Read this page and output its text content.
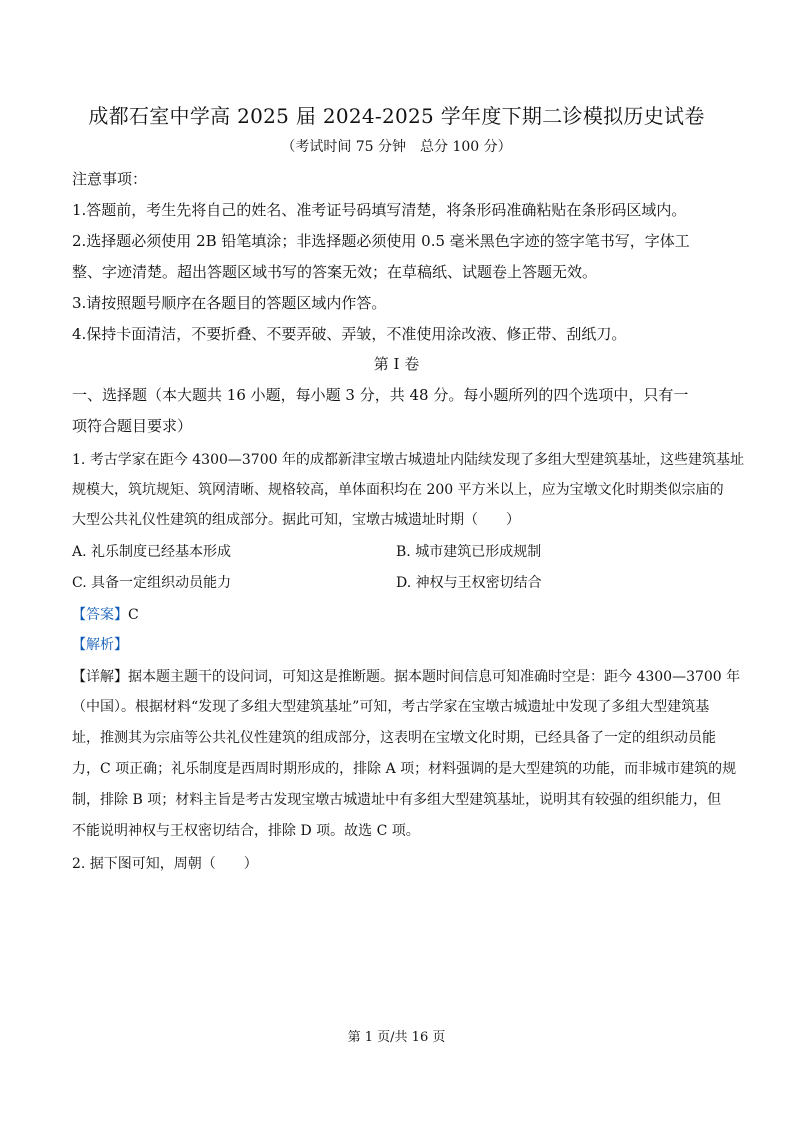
成都石室中学高 2025 届 2024-2025 学年度下期二诊模拟历史试卷
（考试时间 75 分钟　总分 100 分）
注意事项：
1.答题前，考生先将自己的姓名、准考证号码填写清楚，将条形码准确粘贴在条形码区域内。
2.选择题必须使用 2B 铅笔填涂；非选择题必须使用 0.5 毫米黑色字迹的签字笔书写，字体工
整、字迹清楚。超出答题区域书写的答案无效；在草稿纸、试题卷上答题无效。
3.请按照题号顺序在各题目的答题区域内作答。
4.保持卡面清洁，不要折叠、不要弄破、弄皱，不准使用涂改液、修正带、刮纸刀。
第 I 卷
一、选择题（本大题共 16 小题，每小题 3 分，共 48 分。每小题所列的四个选项中，只有一
项符合题目要求）
1. 考古学家在距今 4300—3700 年的成都新津宝墩古城遗址内陆续发现了多组大型建筑基址，这些建筑基址
规模大，筑坑规矩、筑网清晰、规格较高，单体面积均在 200 平方米以上，应为宝墩文化时期类似宗庙的
大型公共礼仪性建筑的组成部分。据此可知，宝墩古城遗址时期（　　）
A. 礼乐制度已经基本形成	B. 城市建筑已形成规制
C. 具备一定组织动员能力	D. 神权与王权密切结合
【答案】C
【解析】
【详解】据本题主题干的设问词，可知这是推断题。据本题时间信息可知准确时空是：距今 4300—3700 年
（中国）。根据材料“发现了多组大型建筑基址”可知，考古学家在宝墩古城遗址中发现了多组大型建筑基
址，推测其为宗庙等公共礼仪性建筑的组成部分，这表明在宝墩文化时期，已经具备了一定的组织动员能
力，C 项正确；礼乐制度是西周时期形成的，排除 A 项；材料强调的是大型建筑的功能，而非城市建筑的规
制，排除 B 项；材料主旨是考古发现宝墩古城遗址中有多组大型建筑基址，说明其有较强的组织能力，但
不能说明神权与王权密切结合，排除 D 项。故选 C 项。
2. 据下图可知，周朝（　　）
第 1 页/共 16 页
